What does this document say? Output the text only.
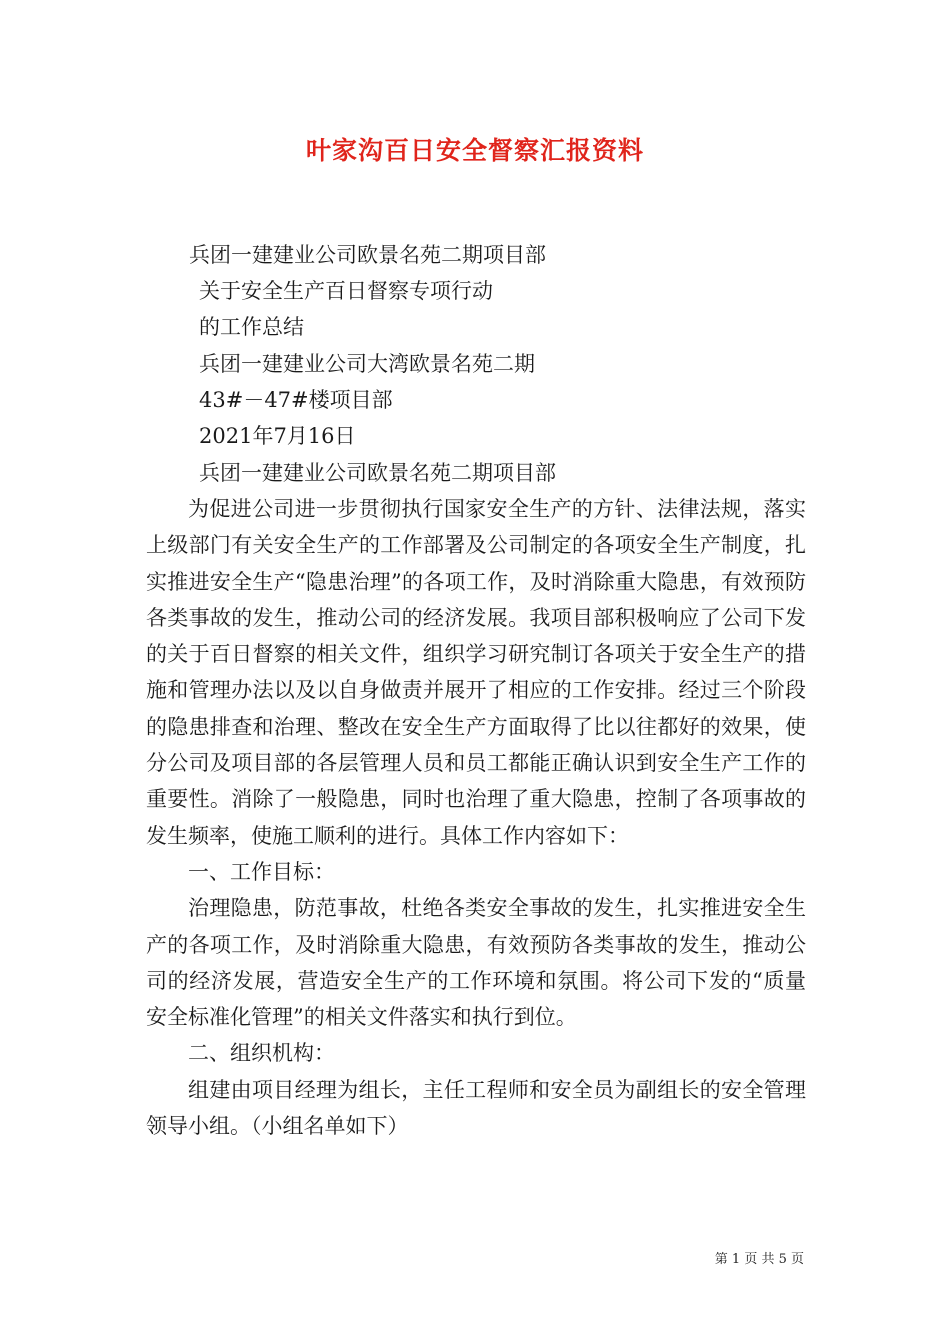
叶家沟百日安全督察汇报资料
兵团一建建业公司欧景名苑二期项目部
关于安全生产百日督察专项行动
的工作总结
兵团一建建业公司大湾欧景名苑二期
43#－47#楼项目部
2021年7月16日
兵团一建建业公司欧景名苑二期项目部

为促进公司进一步贯彻执行国家安全生产的方针、法律法规，落实上级部门有关安全生产的工作部署及公司制定的各项安全生产制度，扎实推进安全生产“隐患治理”的各项工作，及时消除重大隐患，有效预防各类事故的发生，推动公司的经济发展。我项目部积极响应了公司下发的关于百日督察的相关文件，组织学习研究制订各项关于安全生产的措施和管理办法以及以自身做责并展开了相应的工作安排。经过三个阶段的隐患排查和治理、整改在安全生产方面取得了比以往都好的效果，使分公司及项目部的各层管理人员和员工都能正确认识到安全生产工作的重要性。消除了一般隐患，同时也治理了重大隐患，控制了各项事故的发生频率，使施工顺利的进行。具体工作内容如下：

一、工作目标：

治理隐患，防范事故，杜绝各类安全事故的发生，扎实推进安全生产的各项工作，及时消除重大隐患，有效预防各类事故的发生，推动公司的经济发展，营造安全生产的工作环境和氛围。将公司下发的“质量安全标准化管理”的相关文件落实和执行到位。

二、组织机构：

组建由项目经理为组长，主任工程师和安全员为副组长的安全管理领导小组。（小组名单如下）

第 1 页 共 5 页
